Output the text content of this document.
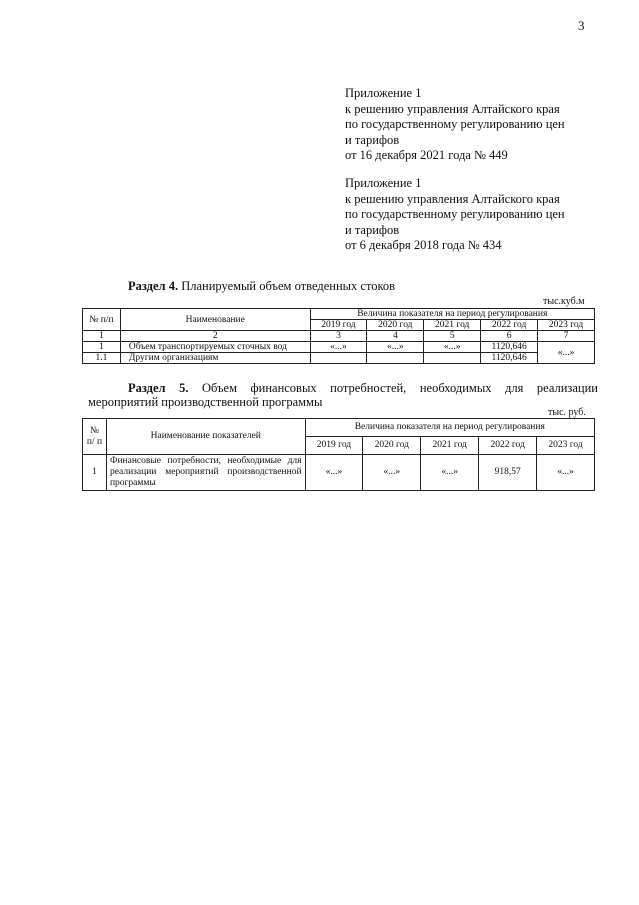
3
Приложение 1
к решению управления Алтайского края
по государственному регулированию цен
и тарифов
от 16 декабря 2021 года № 449
Приложение 1
к решению управления Алтайского края
по государственному регулированию цен
и тарифов
от 6 декабря 2018 года № 434
Раздел 4. Планируемый объем отведенных стоков
тыс.куб.м
№ п/п	Наименование	Величина показателя на период регулирования				
		2019 год	2020 год	2021 год	2022 год	2023 год
1	2	3	4	5	6	7
1	Объем транспортируемых сточных вод	«...»	«...»	«...»	1120,646	«...»
1.1	Другим организациям				1120,646	
Раздел 5. Объем финансовых потребностей, необходимых для реализации
мероприятий производственной программы
тыс. руб.
№ п/ п	Наименование показателей	Величина показателя на период регулирования				
		2019 год	2020 год	2021 год	2022 год	2023 год
1	Финансовые потребности, необходимые для реализации мероприятий производственной программы	«...»	«...»	«...»	918,57	«...»
